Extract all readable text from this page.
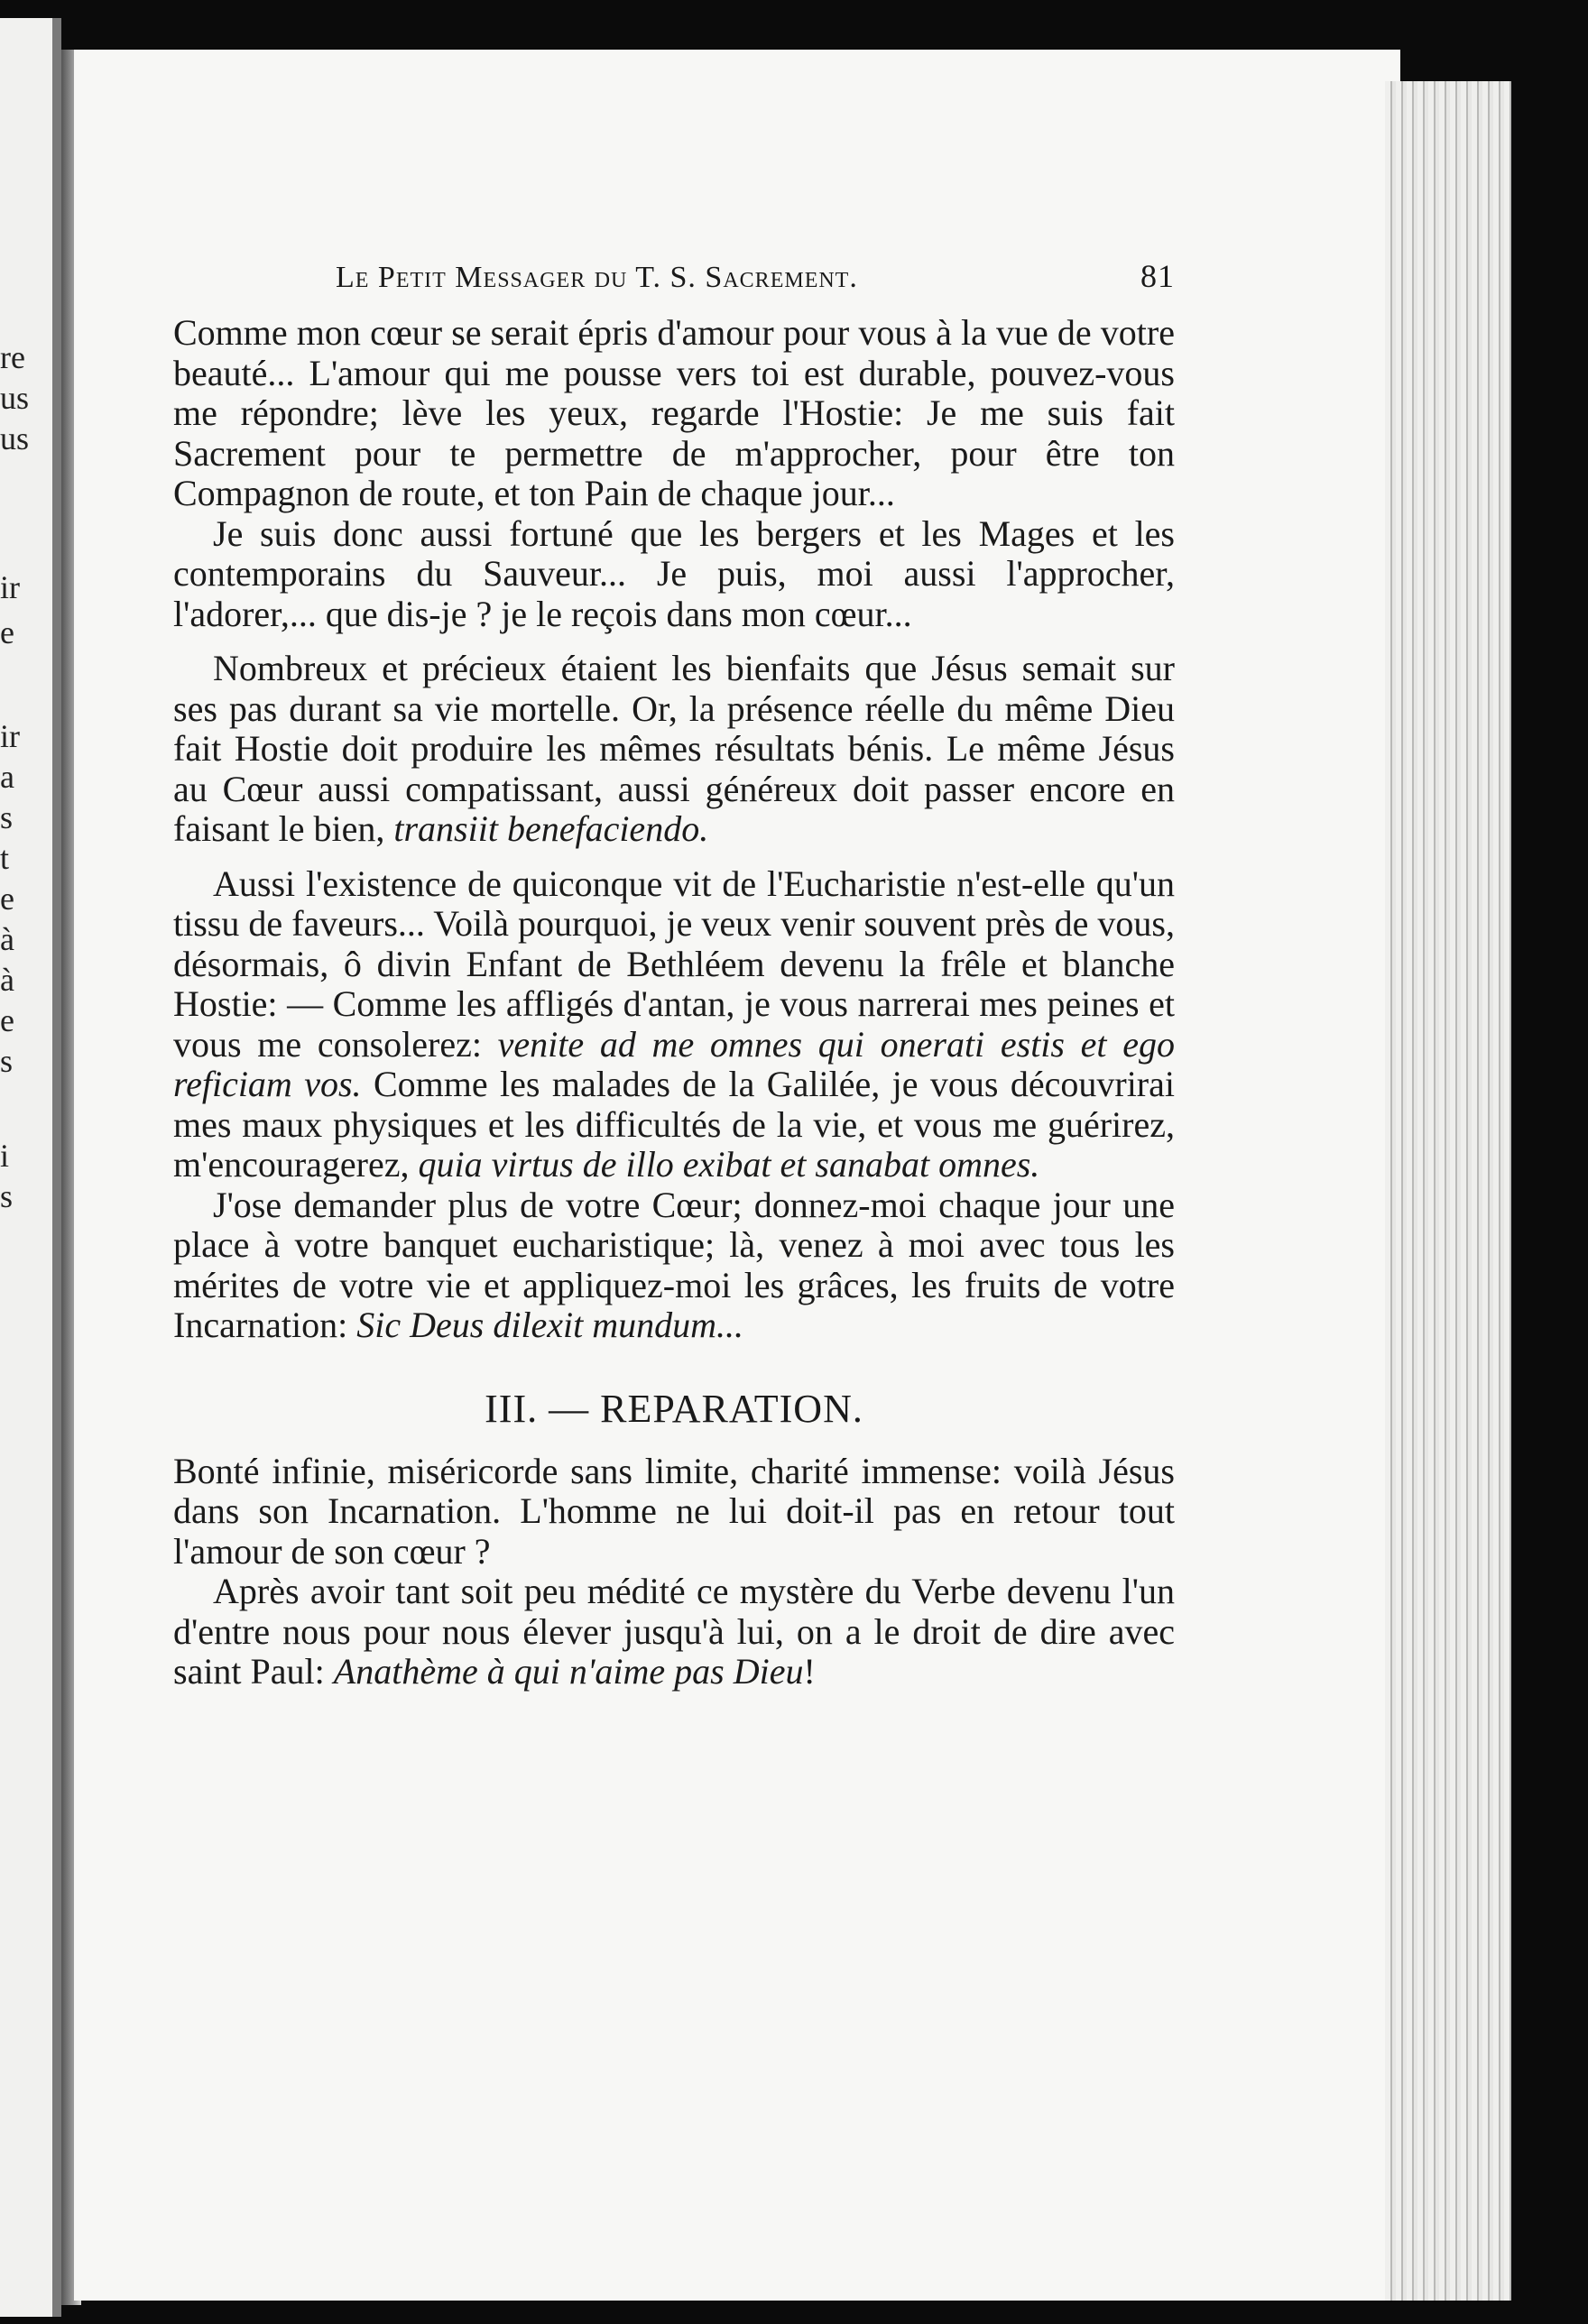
re
us
us
ir
e
ir
a
s
t
e
à
à
e
s
i
s
Le Petit Messager du T. S. Sacrement.	81

Comme mon cœur se serait épris d'amour pour vous à la vue de votre beauté... L'amour qui me pousse vers toi est durable, pouvez-vous me répondre; lève les yeux, regarde l'Hostie: Je me suis fait Sacrement pour te permettre de m'approcher, pour être ton Compagnon de route, et ton Pain de chaque jour...

Je suis donc aussi fortuné que les bergers et les Mages et les contemporains du Sauveur... Je puis, moi aussi l'approcher, l'adorer,... que dis-je ? je le reçois dans mon cœur...

Nombreux et précieux étaient les bienfaits que Jésus semait sur ses pas durant sa vie mortelle. Or, la présence réelle du même Dieu fait Hostie doit produire les mêmes résultats bénis. Le même Jésus au Cœur aussi compatissant, aussi généreux doit passer encore en faisant le bien, transiit benefaciendo.

Aussi l'existence de quiconque vit de l'Eucharistie n'est-elle qu'un tissu de faveurs... Voilà pourquoi, je veux venir souvent près de vous, désormais, ô divin Enfant de Bethléem devenu la frêle et blanche Hostie: — Comme les affligés d'antan, je vous narrerai mes peines et vous me consolerez: venite ad me omnes qui onerati estis et ego reficiam vos. Comme les malades de la Galilée, je vous découvrirai mes maux physiques et les difficultés de la vie, et vous me guérirez, m'encouragerez, quia virtus de illo exibat et sanabat omnes.

J'ose demander plus de votre Cœur; donnez-moi chaque jour une place à votre banquet eucharistique; là, venez à moi avec tous les mérites de votre vie et appliquez-moi les grâces, les fruits de votre Incarnation: Sic Deus dilexit mundum...

III. — REPARATION.

Bonté infinie, miséricorde sans limite, charité immense: voilà Jésus dans son Incarnation. L'homme ne lui doit-il pas en retour tout l'amour de son cœur ?

Après avoir tant soit peu médité ce mystère du Verbe devenu l'un d'entre nous pour nous élever jusqu'à lui, on a le droit de dire avec saint Paul: Anathème à qui n'aime pas Dieu!
